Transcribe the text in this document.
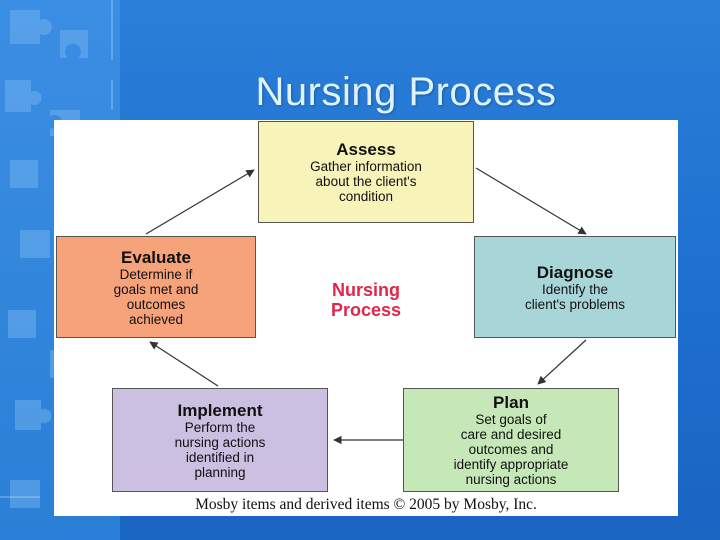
Nursing Process
Assess
Gather information
about the client's
condition
Diagnose
Identify the
client's problems
Plan
Set goals of
care and desired
outcomes and
identify appropriate
nursing actions
Implement
Perform the
nursing actions
identified in
planning
Evaluate
Determine if
goals met and
outcomes
achieved
Nursing
Process
Mosby items and derived items © 2005 by Mosby, Inc.
